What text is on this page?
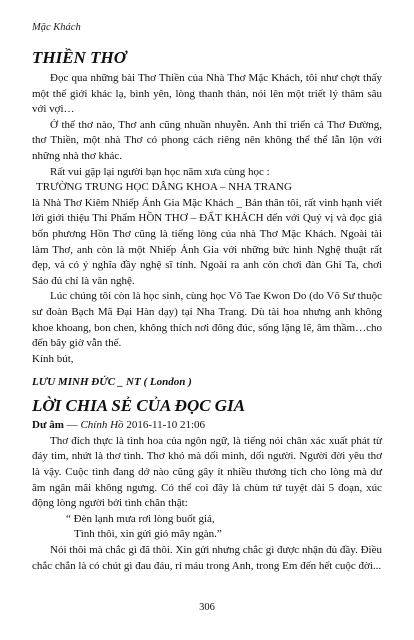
Mặc Khách
THIỀN THƠ

Đọc qua những bài Thơ Thiền của Nhà Thơ Mặc Khách, tôi như chợt thấy một thế giới khác lạ, bình yên, lòng thanh thản, nói lên một triết lý thâm sâu với vợi…

Ở thể thơ nào, Thơ anh cũng nhuần nhuyễn. Anh thi triển cả Thơ Đường, thơ Thiền, một nhà Thơ có phong cách riêng nên không thể thể lẫn lộn với những nhà thơ khác.

Rất vui gặp lại người bạn học năm xưa cùng học :

TRƯỜNG TRUNG HỌC DÂNG KHOA – NHA TRANG

là Nhà Thơ Kiêm Nhiếp Ảnh Gia Mặc Khách _ Bản thân tôi, rất vinh hạnh viết lời giới thiệu Thi Phẩm HỒN THƠ – ĐẤT KHÁCH đến với Quý vị và đọc giả bốn phương Hồn Thơ cũng là tiếng lòng của nhà Thơ Mặc Khách. Ngoài tài làm Thơ, anh còn là một Nhiếp Ảnh Gia với những bức hình Nghệ thuật rất đẹp, và có ý nghĩa đầy nghệ sĩ tính. Ngoài ra anh còn chơi đàn Ghi Ta, chơi Sáo đủ chỉ là văn nghệ.

Lúc chúng tôi còn là học sinh, cùng học Võ Tae Kwon Do (do Võ Sư thuộc sư đoàn Bạch Mã Đại Hàn dạy) tại Nha Trang. Dù tài hoa nhưng anh không khoe khoang, bon chen, không thích nơi đông đúc, sống lặng lẽ, âm thầm…cho đến bây giờ vẫn thế.

Kính bút,

LƯU MINH ĐỨC _ NT ( London )
LỜI CHIA SẺ CỦA ĐỌC GIA
Dư âm — Chính Hồ 2016-11-10 21:06

Thơ đích thực là tình hoa của ngôn ngữ, là tiếng nói chân xác xuất phát từ đáy tim, nhứt là thơ tình. Thơ khó mà dối mình, dối người. Người đời yêu thơ là vậy. Cuộc tình đang dở nào cũng gây ít nhiều thương tích cho lòng mà dư âm ngân mãi không ngưng. Có thể coi đây là chùm tứ tuyệt dài 5 đoạn, xúc động lòng người bởi tình chân thật:

“ Đèn lạnh mưa rơi lòng buốt giá,
Tình thôi, xin gửi gió mây ngàn.”

Nói thôi mà chắc gì đã thôi. Xin gửi nhưng chắc gì được nhận đủ đầy. Điều chắc chắn là có chút gì đau đáu, rỉ máu trong Anh, trong Em đến hết cuộc đời...

306
